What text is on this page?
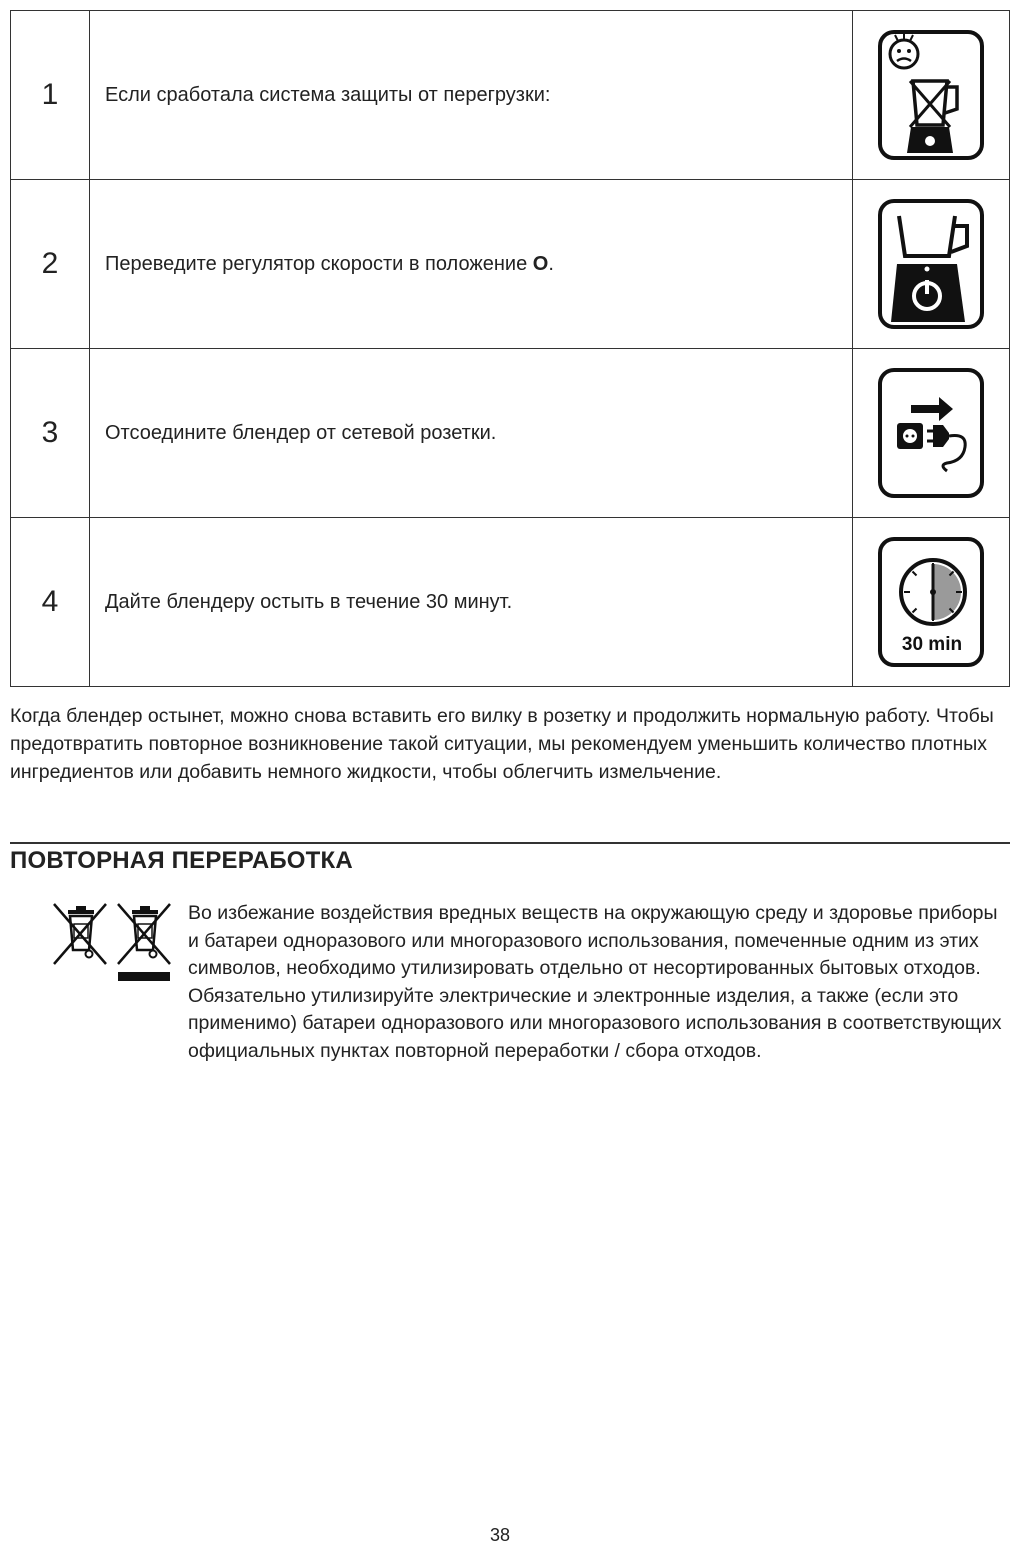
1	Если сработала система защиты от перегрузки:	

2	Переведите регулятор скорости в положение O.	

3	Отсоедините блендер от сетевой розетки.	

4	Дайте блендеру остыть в течение 30 минут.	30 min

Когда блендер остынет, можно снова вставить его вилку в розетку и продолжить нормальную работу. Чтобы предотвратить повторное возникновение такой ситуации, мы рекомендуем уменьшить количество плотных ингредиентов или добавить немного жидкости, чтобы облегчить измельчение.

ПОВТОРНАЯ ПЕРЕРАБОТКА

Во избежание воздействия вредных веществ на окружающую среду и здоровье приборы и батареи одноразового или многоразового использования, помеченные одним из этих символов, необходимо утилизировать отдельно от несортированных бытовых отходов. Обязательно утилизируйте электрические и электронные изделия, а также (если это применимо) батареи одноразового или многоразового использования в соответствующих официальных пунктах повторной переработки / сбора отходов.

38
